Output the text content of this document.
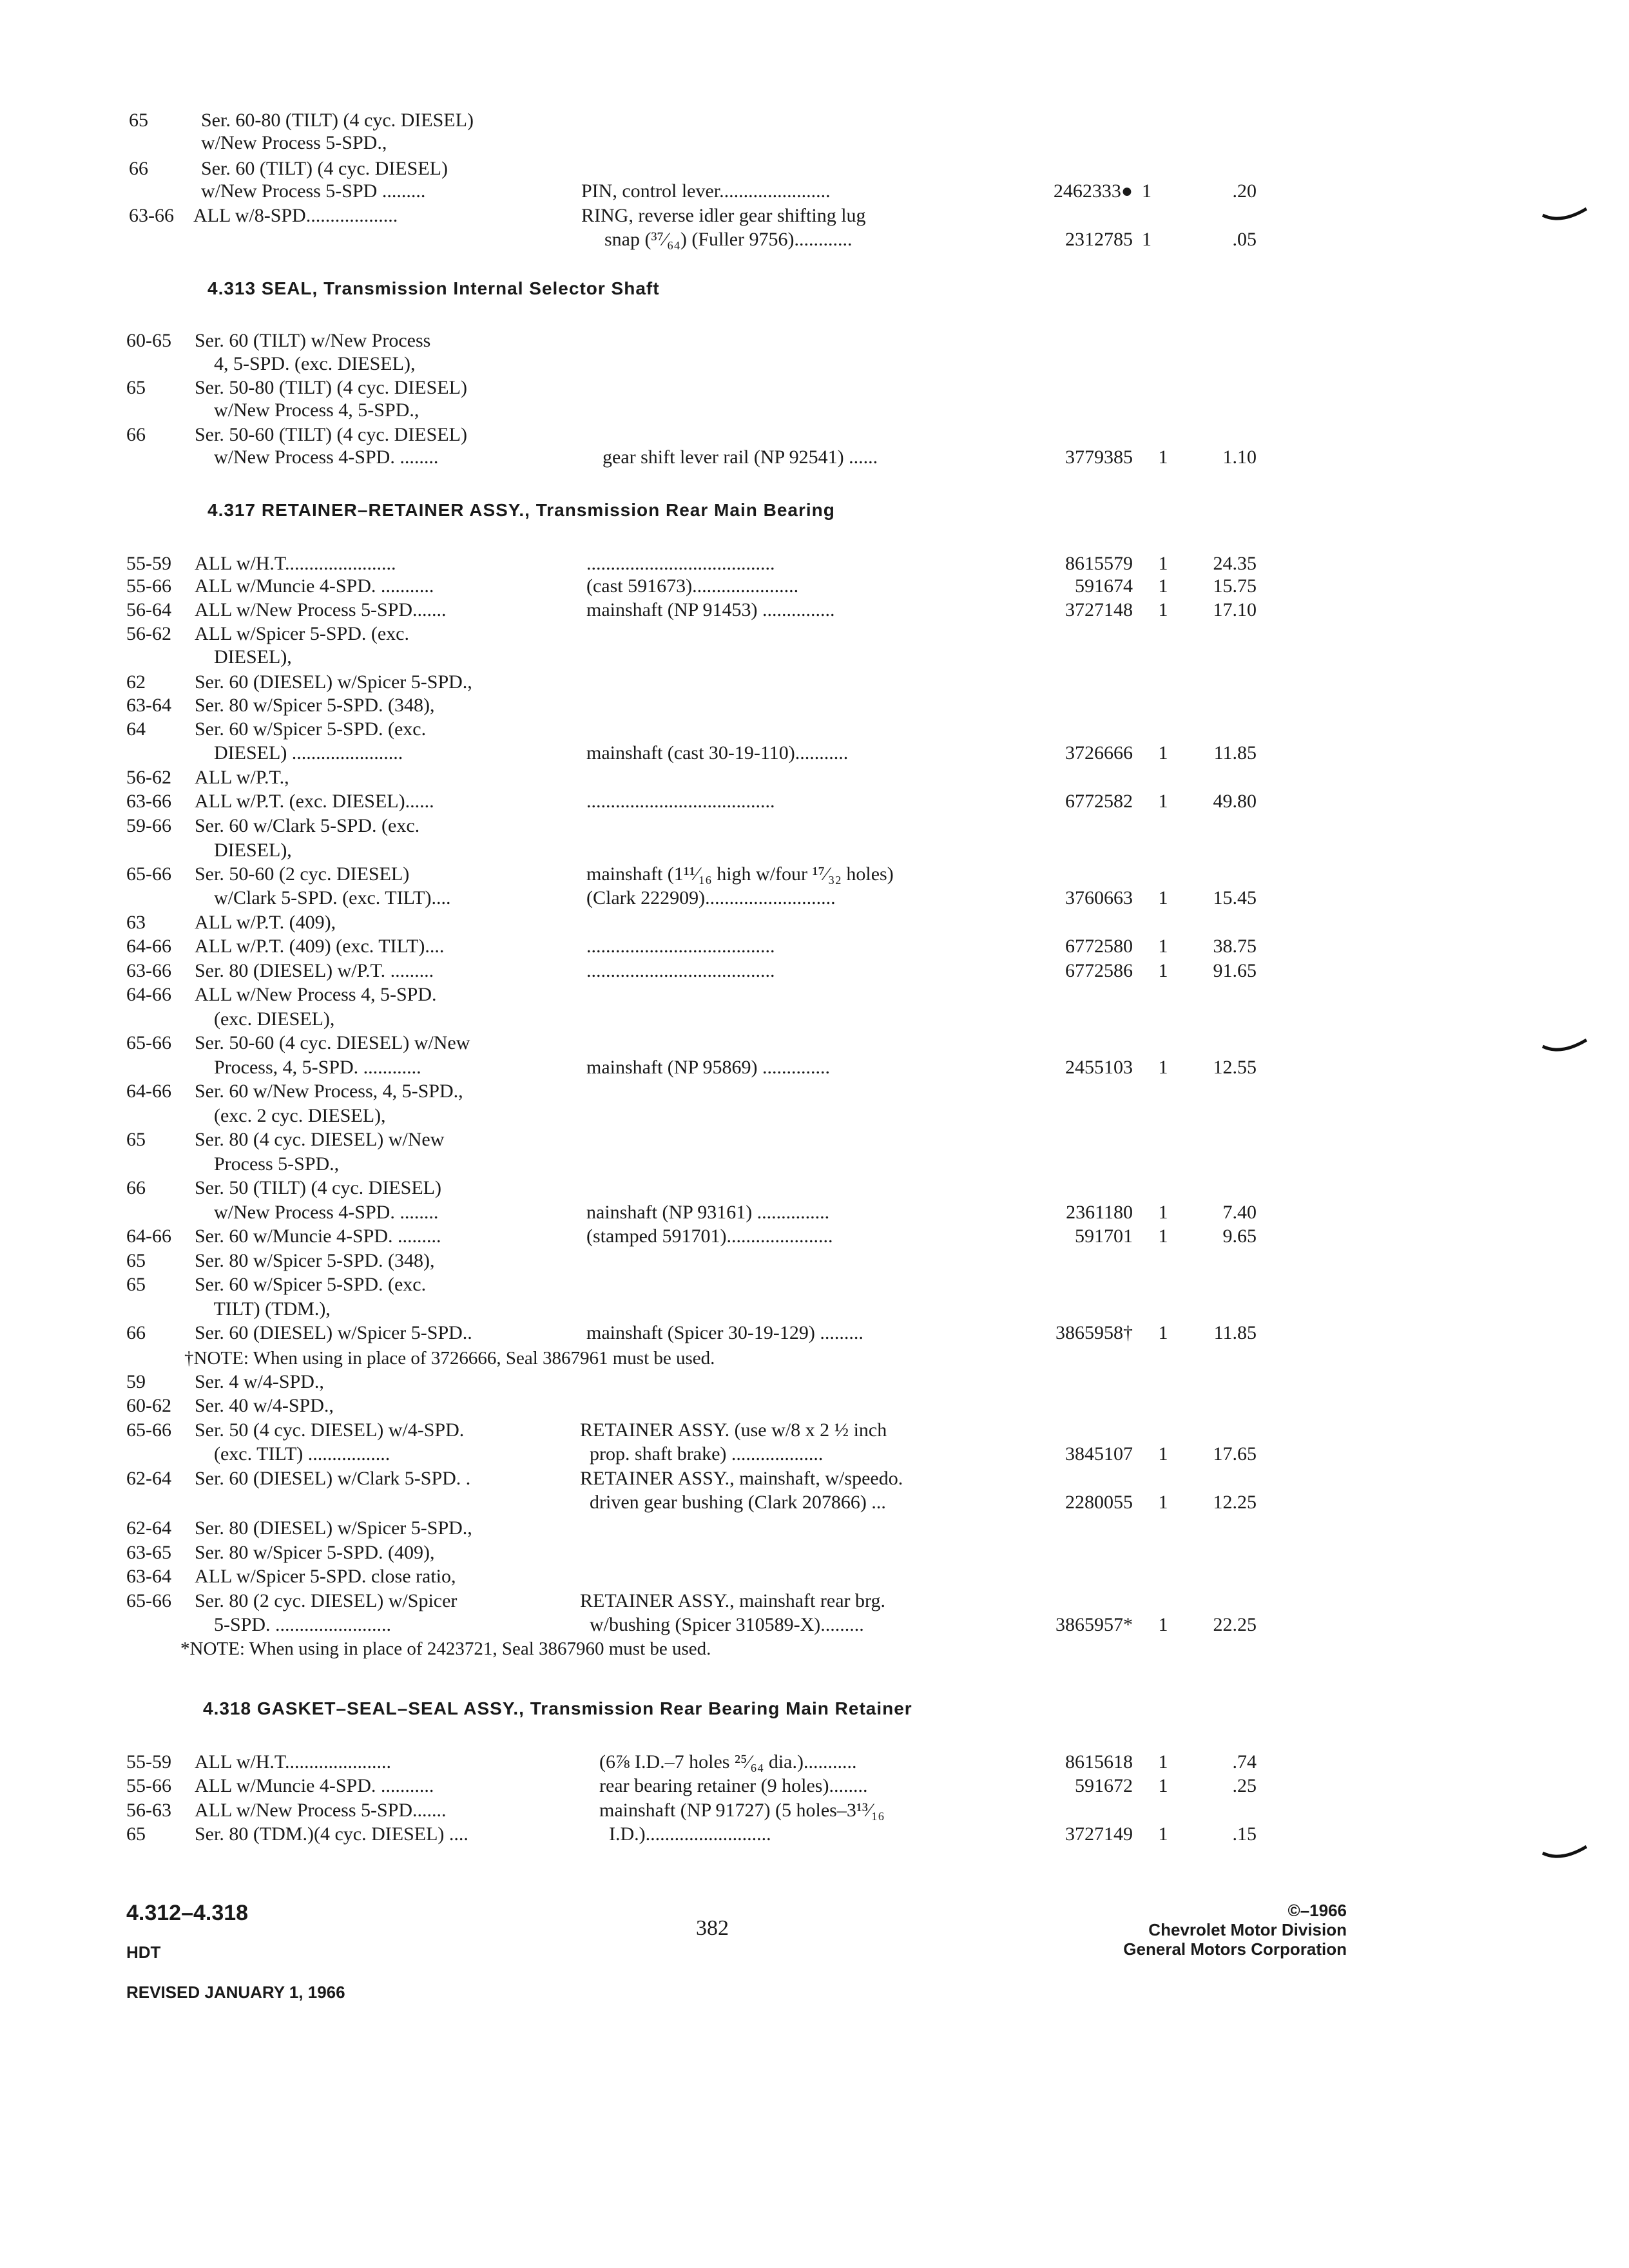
65	Ser. 60-80 (TILT) (4 cyc. DIESEL)
w/New Process 5-SPD.,
66	Ser. 60 (TILT) (4 cyc. DIESEL)
w/New Process 5-SPD .........	PIN, control lever.......................	2462333● 1	.20
63-66 ALL w/8-SPD...................	RING, reverse idler gear shifting lug
snap (³⁷⁄₆₄) (Fuller 9756)............	2312785 1	.05
4.313 SEAL, Transmission Internal Selector Shaft
4.317 RETAINER–RETAINER ASSY., Transmission Rear Main Bearing
4.318 GASKET–SEAL–SEAL ASSY., Transmission Rear Bearing Main Retainer
60-65 Ser. 60 (TILT) w/New Process
4, 5-SPD. (exc. DIESEL),
65	Ser. 50-80 (TILT) (4 cyc. DIESEL)
w/New Process 4, 5-SPD.,
66	Ser. 50-60 (TILT) (4 cyc. DIESEL)
w/New Process 4-SPD. ........	gear shift lever rail (NP 92541) ......	3779385 1	1.10
55-59 ALL w/H.T.......................	.......................................	8615579 1	24.35
55-66 ALL w/Muncie 4-SPD. ...........	(cast 591673)......................	591674 1	15.75
56-64 ALL w/New Process 5-SPD.......	mainshaft (NP 91453) ...............	3727148 1	17.10
56-62 ALL w/Spicer 5-SPD. (exc.
DIESEL),
62	Ser. 60 (DIESEL) w/Spicer 5-SPD.,
63-64 Ser. 80 w/Spicer 5-SPD. (348),
64	Ser. 60 w/Spicer 5-SPD. (exc.
DIESEL) .......................	mainshaft (cast 30-19-110)...........	3726666 1	11.85
56-62 ALL w/P.T.,
63-66 ALL w/P.T. (exc. DIESEL)......	.......................................	6772582 1	49.80
59-66 Ser. 60 w/Clark 5-SPD. (exc.
DIESEL),
65-66 Ser. 50-60 (2 cyc. DIESEL)	mainshaft (1¹¹⁄₁₆ high w/four ¹⁷⁄₃₂ holes)
w/Clark 5-SPD. (exc. TILT)....	(Clark 222909)...........................	3760663 1	15.45
63	ALL w/P.T. (409),
64-66 ALL w/P.T. (409) (exc. TILT)....	.......................................	6772580 1	38.75
63-66 Ser. 80 (DIESEL) w/P.T. .........	.......................................	6772586 1	91.65
64-66 ALL w/New Process 4, 5-SPD.
(exc. DIESEL),
65-66 Ser. 50-60 (4 cyc. DIESEL) w/New
Process, 4, 5-SPD. ............	mainshaft (NP 95869) ..............	2455103 1	12.55
64-66 Ser. 60 w/New Process, 4, 5-SPD.,
(exc. 2 cyc. DIESEL),
65	Ser. 80 (4 cyc. DIESEL) w/New
Process 5-SPD.,
66	Ser. 50 (TILT) (4 cyc. DIESEL)
w/New Process 4-SPD. ........	nainshaft (NP 93161) ...............	2361180 1	7.40
64-66 Ser. 60 w/Muncie 4-SPD. .........	(stamped 591701)......................	591701 1	9.65
65	Ser. 80 w/Spicer 5-SPD. (348),
65	Ser. 60 w/Spicer 5-SPD. (exc.
TILT) (TDM.),
66	Ser. 60 (DIESEL) w/Spicer 5-SPD..	mainshaft (Spicer 30-19-129) .........	3865958† 1	11.85
†NOTE: When using in place of 3726666, Seal 3867961 must be used.
59	Ser. 4 w/4-SPD.,
60-62 Ser. 40 w/4-SPD.,
65-66 Ser. 50 (4 cyc. DIESEL) w/4-SPD.	RETAINER ASSY. (use w/8 x 2 ½ inch
(exc. TILT) .................	prop. shaft brake) ...................	3845107 1	17.65
62-64 Ser. 60 (DIESEL) w/Clark 5-SPD. .	RETAINER ASSY., mainshaft, w/speedo.
driven gear bushing (Clark 207866) ...	2280055 1	12.25
62-64 Ser. 80 (DIESEL) w/Spicer 5-SPD.,
63-65 Ser. 80 w/Spicer 5-SPD. (409),
63-64 ALL w/Spicer 5-SPD. close ratio,
65-66 Ser. 80 (2 cyc. DIESEL) w/Spicer	RETAINER ASSY., mainshaft rear brg.
5-SPD. ........................	w/bushing (Spicer 310589-X).........	3865957* 1	22.25
*NOTE: When using in place of 2423721, Seal 3867960 must be used.
55-59 ALL w/H.T......................	(6⅞ I.D.–7 holes ²⁵⁄₆₄ dia.)...........	8615618 1	.74
55-66 ALL w/Muncie 4-SPD. ...........	rear bearing retainer (9 holes)........	591672 1	.25
56-63 ALL w/New Process 5-SPD.......	mainshaft (NP 91727) (5 holes–3¹³⁄₁₆
65	Ser. 80 (TDM.)(4 cyc. DIESEL) ....	I.D.)..........................	3727149 1	.15
4.312–4.318
HDT
REVISED JANUARY 1, 1966
382
©–1966
Chevrolet Motor Division
General Motors Corporation
